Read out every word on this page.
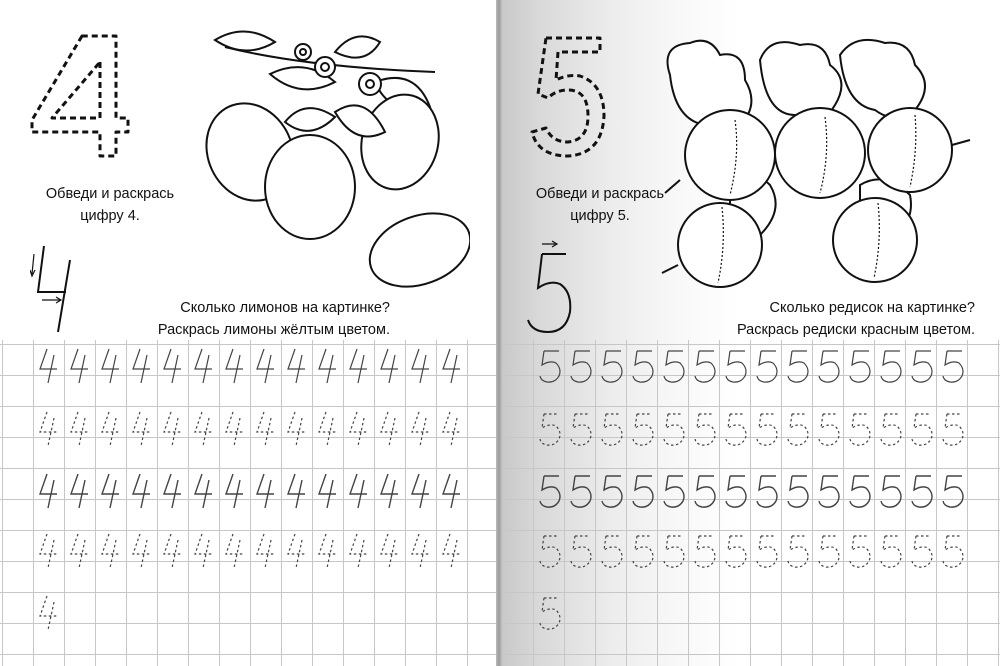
Обведи и раскрась
цифру 4.
Сколько лимонов на картинке?
Раскрась лимоны жёлтым цветом.
Обведи и раскрась
цифру 5.
Сколько редисок на картинке?
Раскрась редиски красным цветом.
